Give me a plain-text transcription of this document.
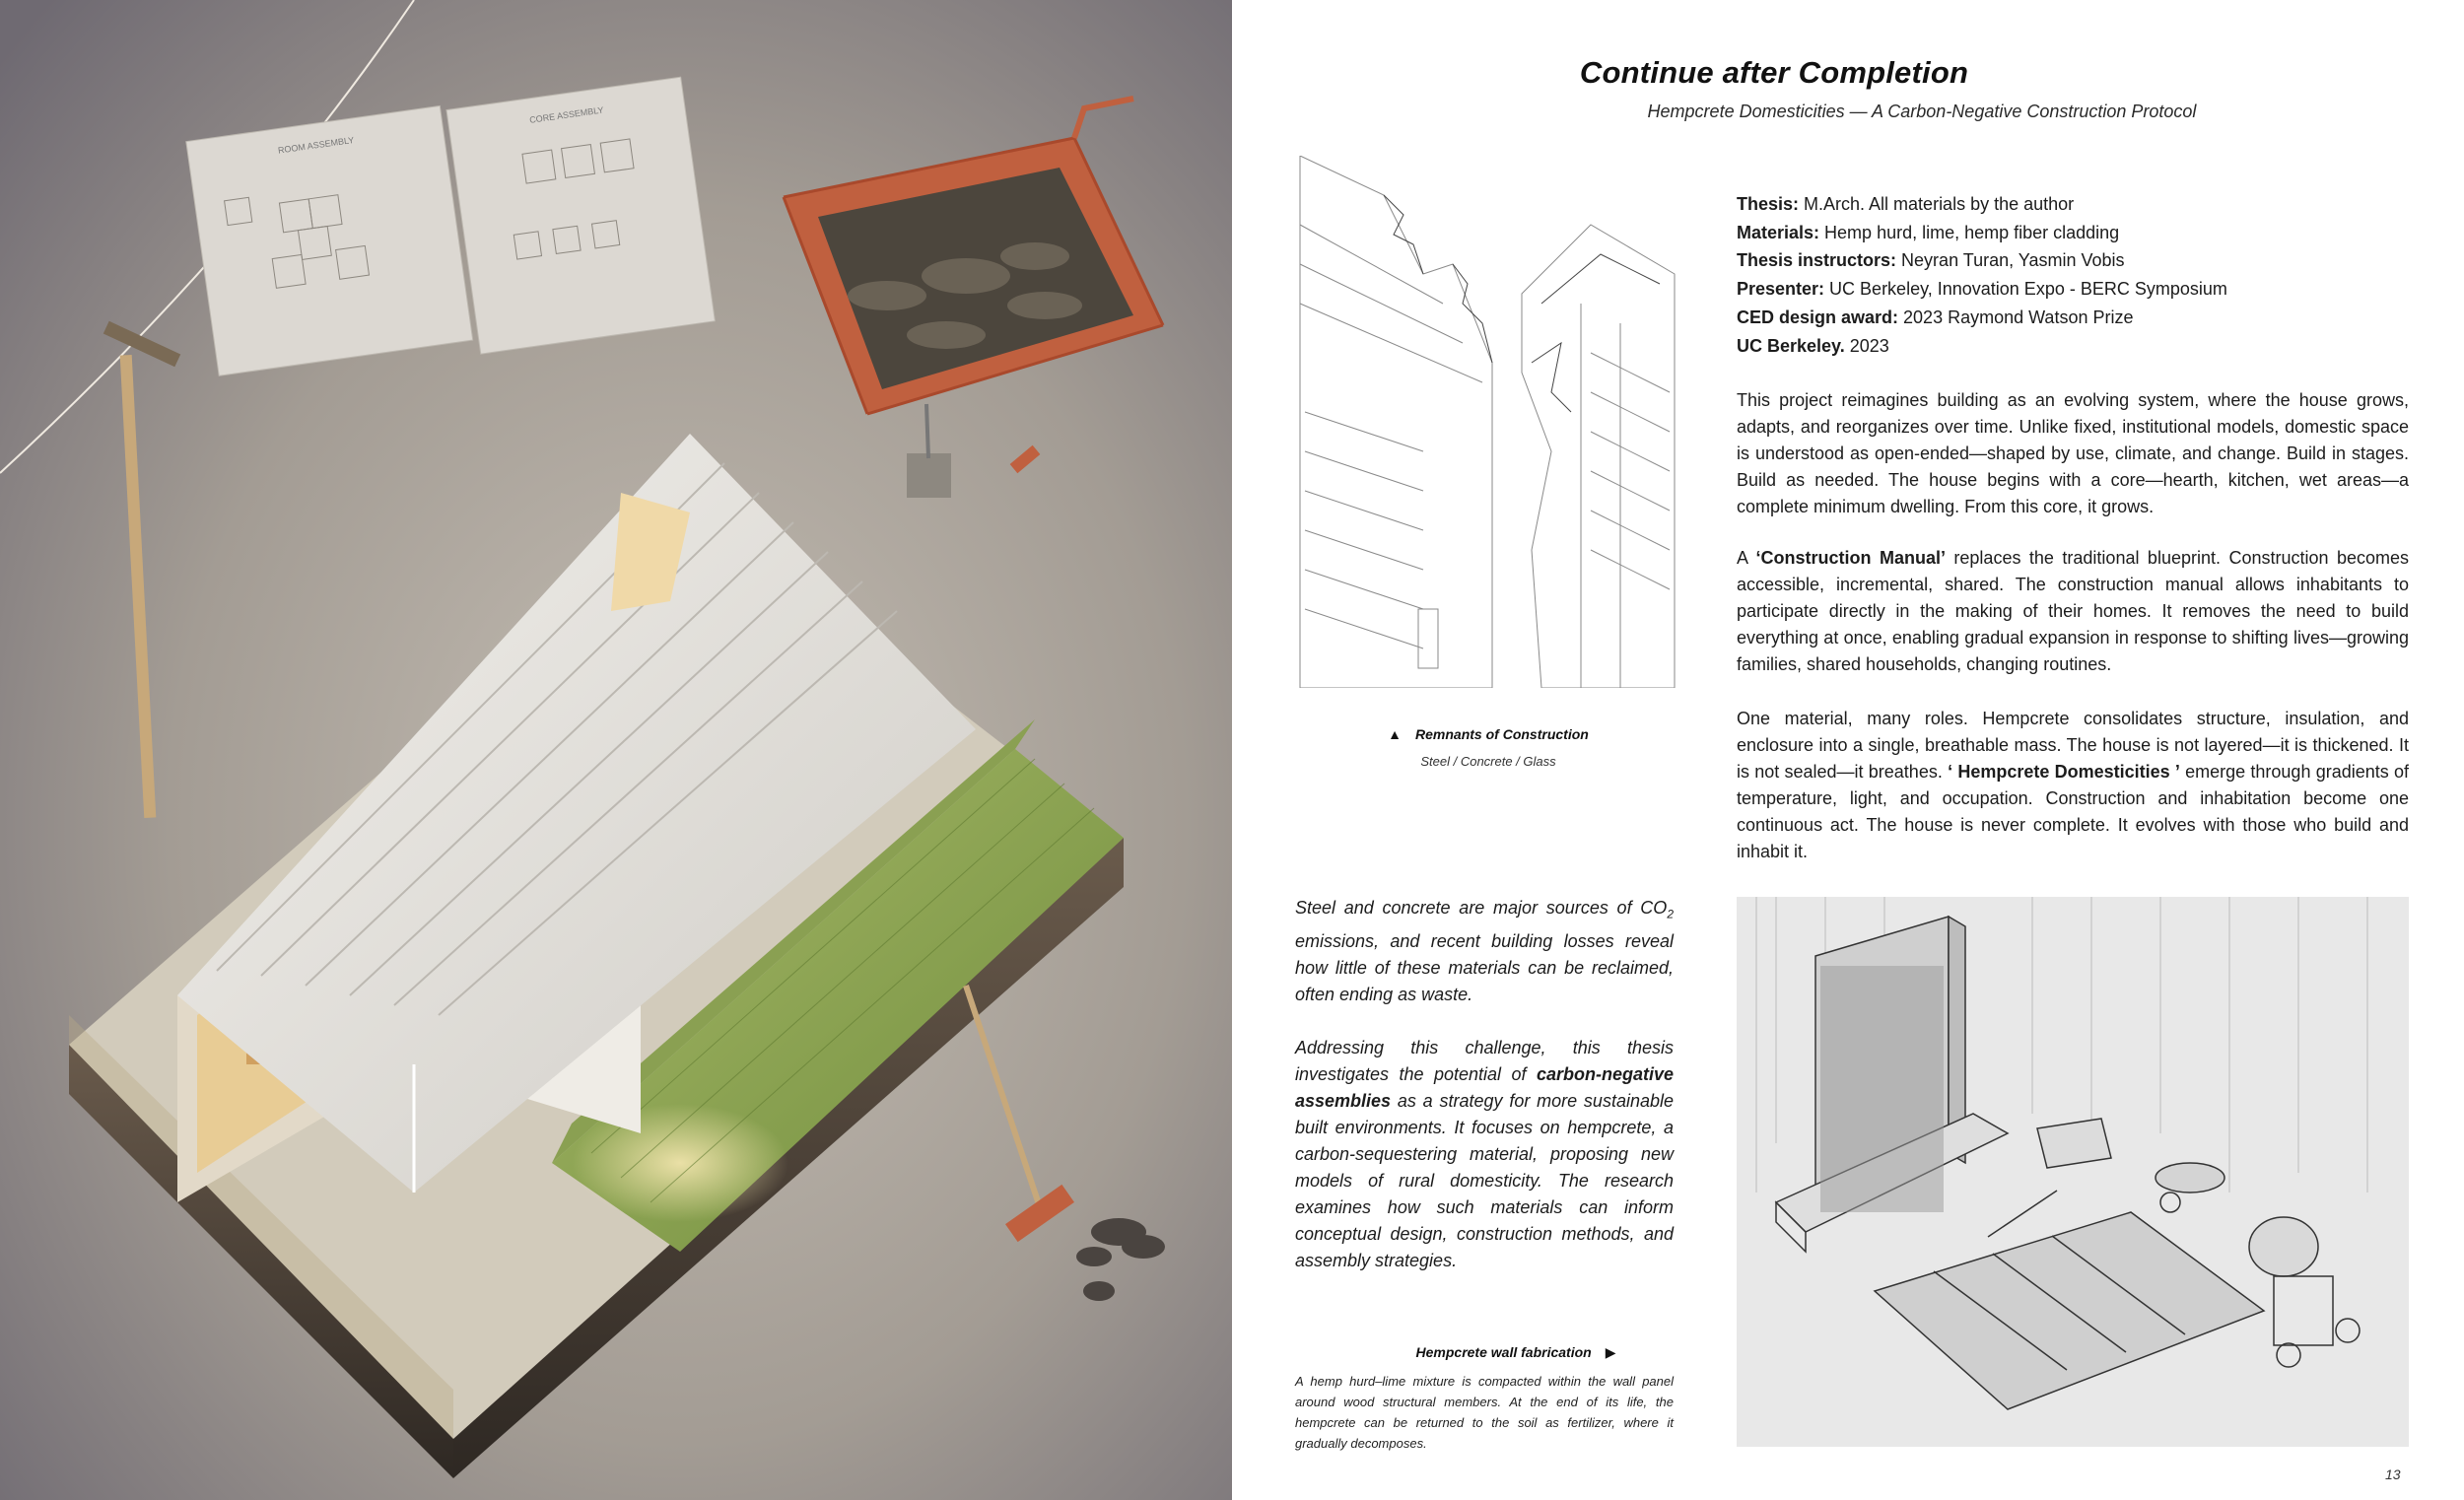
ROOM ASSEMBLY
CORE ASSEMBLY
Continue after Completion
Hempcrete Domesticities — A Carbon-Negative Construction Protocol
▲ Remnants of Construction
Steel / Concrete / Glass
Thesis: M.Arch. All materials by the author
Materials: Hemp hurd, lime, hemp fiber cladding
Thesis instructors: Neyran Turan, Yasmin Vobis
Presenter: UC Berkeley, Innovation Expo - BERC Symposium
CED design award: 2023 Raymond Watson Prize
UC Berkeley. 2023
This project reimagines building as an evolving system, where the house grows, adapts, and reorganizes over time. Unlike fixed, institutional models, domestic space is understood as open-ended—shaped by use, climate, and change. Build in stages. Build as needed. The house begins with a core—hearth, kitchen, wet areas—a complete minimum dwelling. From this core, it grows.
A ‘Construction Manual’ replaces the traditional blueprint. Construction becomes accessible, incremental, shared. The construction manual allows inhabitants to participate directly in the making of their homes. It removes the need to build everything at once, enabling gradual expansion in response to shifting lives—growing families, shared households, changing routines.
One material, many roles. Hempcrete consolidates structure, insulation, and enclosure into a single, breathable mass. The house is not layered—it is thickened. It is not sealed—it breathes. ‘ Hempcrete Domesticities ’ emerge through gradients of temperature, light, and occupation. Construction and inhabitation become one continuous act. The house is never complete. It evolves with those who build and inhabit it.

Steel and concrete are major sources of $CO_2$ emissions, and recent building losses reveal how little of these materials can be reclaimed, often ending as waste.

Addressing this challenge, this thesis investigates the potential of carbon-negative assemblies as a strategy for more sustainable built environments. It focuses on hempcrete, a carbon-sequestering material, proposing new models of rural domesticity. The research examines how such materials can inform conceptual design, construction methods, and assembly strategies.

Hempcrete wall fabrication ▶
A hemp hurd–lime mixture is compacted within the wall panel around wood structural members. At the end of its life, the hempcrete can be returned to the soil as fertilizer, where it gradually decomposes.
13
